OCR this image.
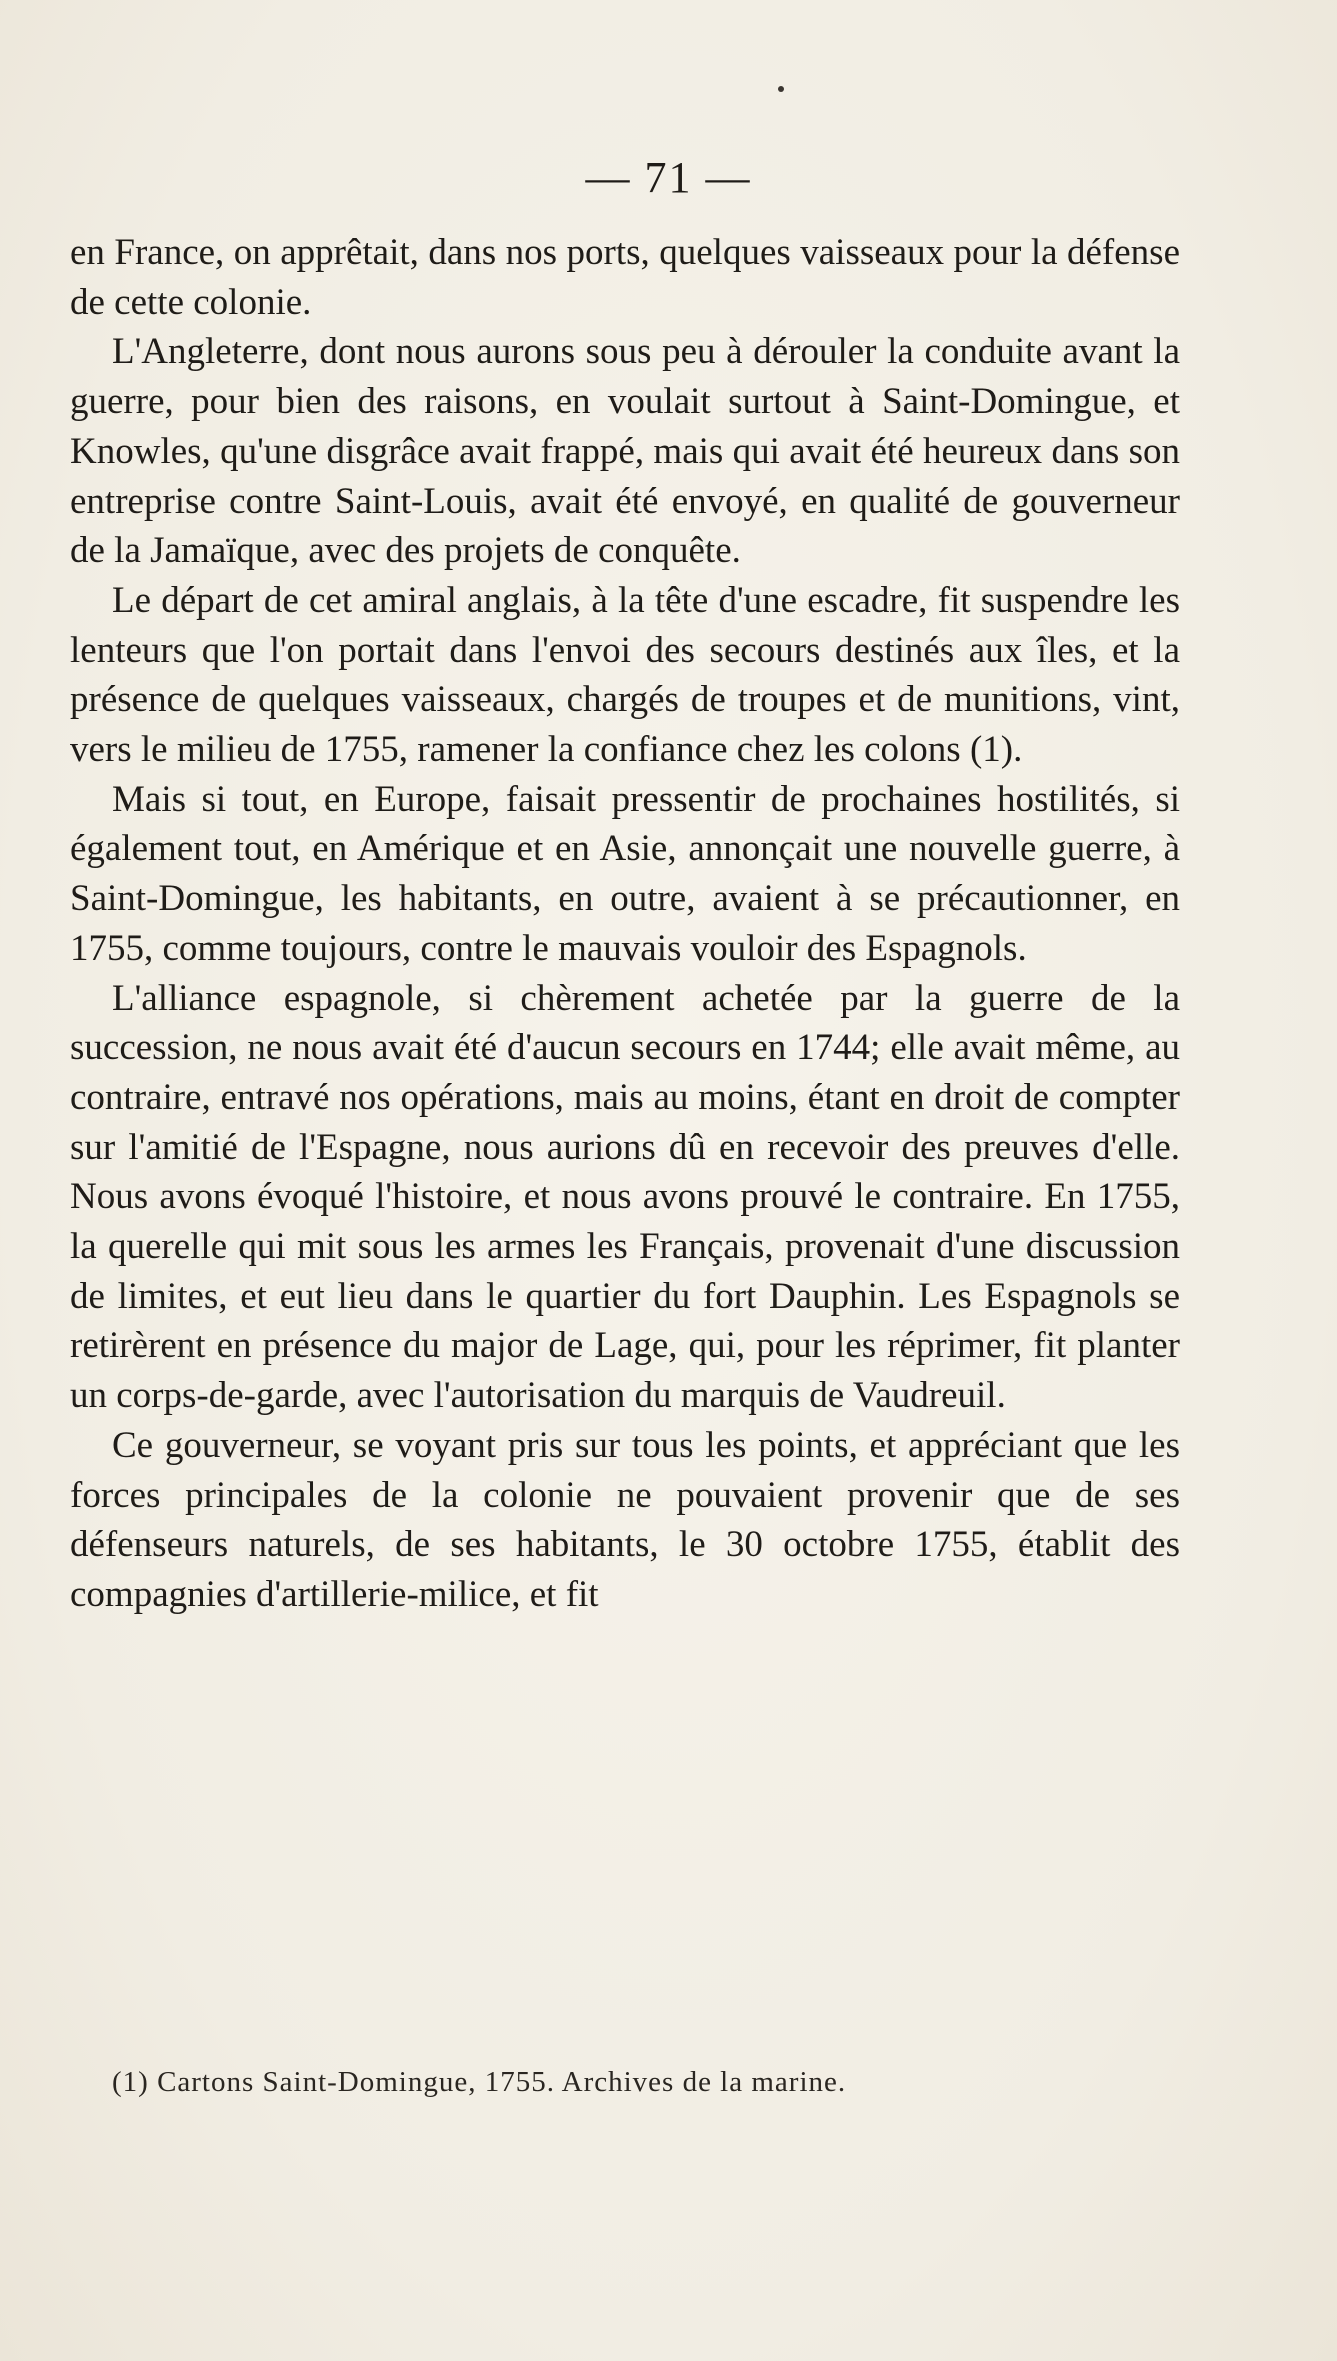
— 71 —

en France, on apprêtait, dans nos ports, quelques vaisseaux pour la défense de cette colonie.

L'Angleterre, dont nous aurons sous peu à dérouler la conduite avant la guerre, pour bien des raisons, en voulait surtout à Saint-Domingue, et Knowles, qu'une disgrâce avait frappé, mais qui avait été heureux dans son entreprise contre Saint-Louis, avait été envoyé, en qualité de gouverneur de la Jamaïque, avec des projets de conquête.

Le départ de cet amiral anglais, à la tête d'une escadre, fit suspendre les lenteurs que l'on portait dans l'envoi des secours destinés aux îles, et la présence de quelques vaisseaux, chargés de troupes et de munitions, vint, vers le milieu de 1755, ramener la confiance chez les colons (1).

Mais si tout, en Europe, faisait pressentir de prochaines hostilités, si également tout, en Amérique et en Asie, annonçait une nouvelle guerre, à Saint-Domingue, les habitants, en outre, avaient à se précautionner, en 1755, comme toujours, contre le mauvais vouloir des Espagnols.

L'alliance espagnole, si chèrement achetée par la guerre de la succession, ne nous avait été d'aucun secours en 1744; elle avait même, au contraire, entravé nos opérations, mais au moins, étant en droit de compter sur l'amitié de l'Espagne, nous aurions dû en recevoir des preuves d'elle. Nous avons évoqué l'histoire, et nous avons prouvé le contraire. En 1755, la querelle qui mit sous les armes les Français, provenait d'une discussion de limites, et eut lieu dans le quartier du fort Dauphin. Les Espagnols se retirèrent en présence du major de Lage, qui, pour les réprimer, fit planter un corps-de-garde, avec l'autorisation du marquis de Vaudreuil.

Ce gouverneur, se voyant pris sur tous les points, et appréciant que les forces principales de la colonie ne pouvaient provenir que de ses défenseurs naturels, de ses habitants, le 30 octobre 1755, établit des compagnies d'artillerie-milice, et fit

(1) Cartons Saint-Domingue, 1755. Archives de la marine.
